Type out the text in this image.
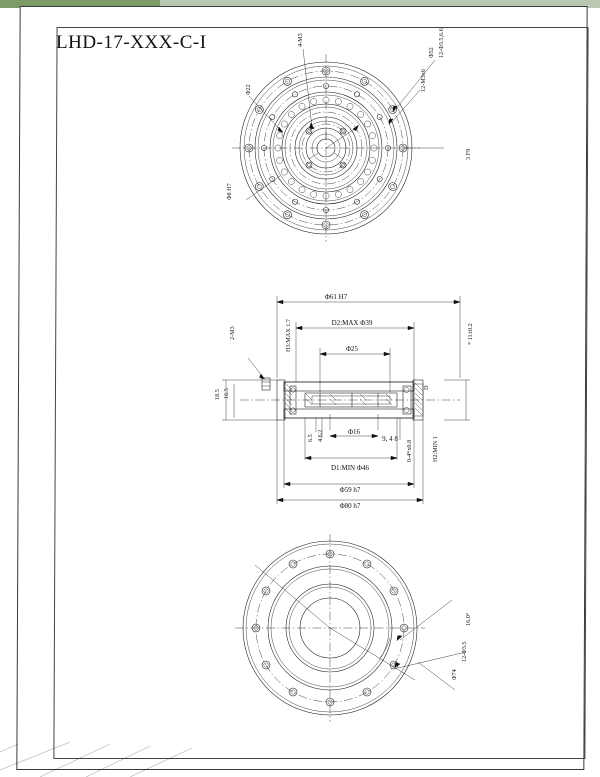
LHD-17-XXX-C-I	4-M3	12-Φ3.5,6.6
Φ52
12-M3x6
Φ22
3 F9
Φ8 H7
Φ61 H7
D2:MAX Φ39
H3:MAX 1.7	Φ25
2-M3
16.5
18.5
4.6.2
6.5
Φ16
9, 4 8
D1:MIN Φ46
Φ59 h7
Φ80 h7
0-4*x0.8	H2:MIN 1
* 11±0.2
D
16.0°
12-Φ3.5
Φ74
